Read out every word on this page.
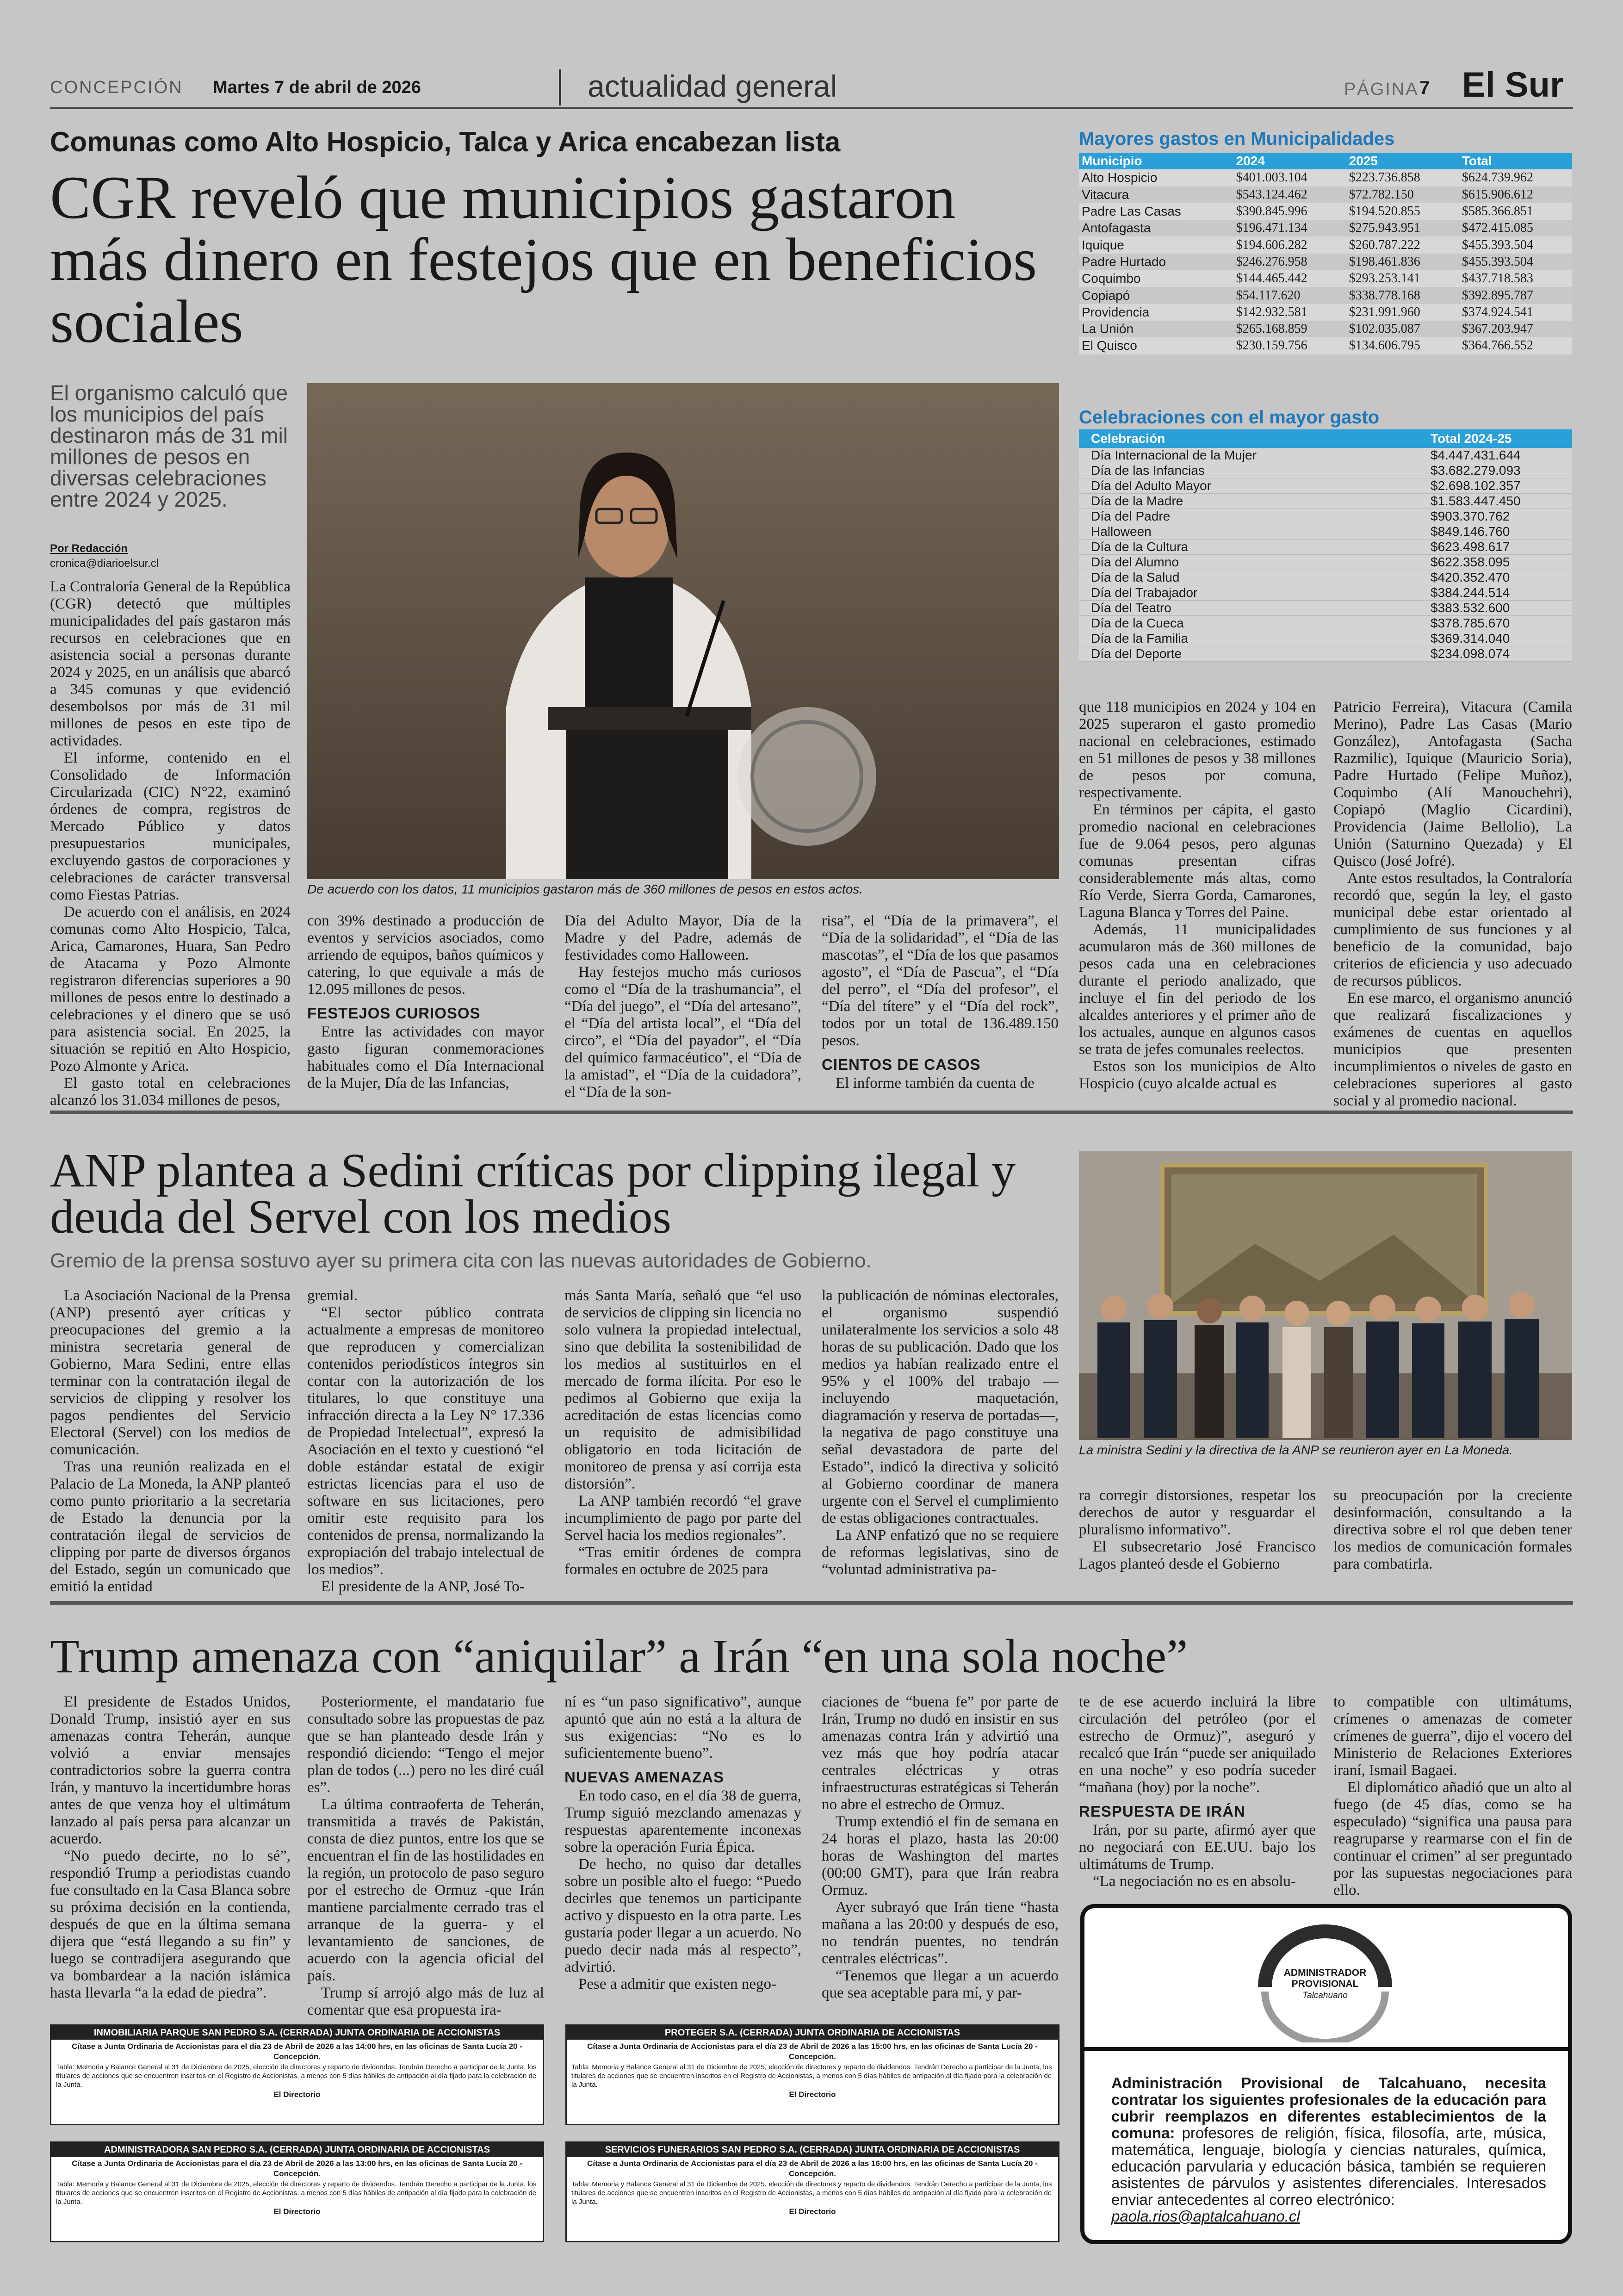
CONCEPCIÓN Martes 7 de abril de 2026	actualidad general	PÁGINA 7 El Sur
Comunas como Alto Hospicio, Talca y Arica encabezan lista
CGR reveló que municipios gastaron más dinero en festejos que en beneficios sociales
El organismo calculó que los municipios del país destinaron más de 31 mil millones de pesos en diversas celebraciones entre 2024 y 2025.
Por Redacción
cronica@diarioelsur.cl
De acuerdo con los datos, 11 municipios gastaron más de 360 millones de pesos en estos actos.

La Contraloría General de la República (CGR) detectó que múltiples municipalidades del país gastaron más recursos en celebraciones que en asistencia social a personas durante 2024 y 2025, en un análisis que abarcó a 345 comunas y que evidenció desembolsos por más de 31 mil millones de pesos en este tipo de actividades.

El informe, contenido en el Consolidado de Información Circularizada (CIC) N°22, examinó órdenes de compra, registros de Mercado Público y datos presupuestarios municipales, excluyendo gastos de corporaciones y celebraciones de carácter transversal como Fiestas Patrias.

De acuerdo con el análisis, en 2024 comunas como Alto Hospicio, Talca, Arica, Camarones, Huara, San Pedro de Atacama y Pozo Almonte registraron diferencias superiores a 90 millones de pesos entre lo destinado a celebraciones y el dinero que se usó para asistencia social. En 2025, la situación se repitió en Alto Hospicio, Pozo Almonte y Arica.

El gasto total en celebraciones alcanzó los 31.034 millones de pesos,

con 39% destinado a producción de eventos y servicios asociados, como arriendo de equipos, baños químicos y catering, lo que equivale a más de 12.095 millones de pesos.

FESTEJOS CURIOSOS

Entre las actividades con mayor gasto figuran conmemoraciones habituales como el Día Internacional de la Mujer, Día de las Infancias,

Día del Adulto Mayor, Día de la Madre y del Padre, además de festividades como Halloween.

Hay festejos mucho más curiosos como el “Día de la trashumancia”, el “Día del juego”, el “Día del artesano”, el “Día del artista local”, el “Día del circo”, el “Día del payador”, el “Día del químico farmacéutico”, el “Día de la amistad”, el “Día de la cuidadora”, el “Día de la son-

risa”, el “Día de la primavera”, el “Día de la solidaridad”, el “Día de las mascotas”, el “Día de los que pasamos agosto”, el “Día de Pascua”, el “Día del perro”, el “Día del profesor”, el “Día del títere” y el “Día del rock”, todos por un total de 136.489.150 pesos.

CIENTOS DE CASOS

El informe también da cuenta de

que 118 municipios en 2024 y 104 en 2025 superaron el gasto promedio nacional en celebraciones, estimado en 51 millones de pesos y 38 millones de pesos por comuna, respectivamente.

En términos per cápita, el gasto promedio nacional en celebraciones fue de 9.064 pesos, pero algunas comunas presentan cifras considerablemente más altas, como Río Verde, Sierra Gorda, Camarones, Laguna Blanca y Torres del Paine.

Además, 11 municipalidades acumularon más de 360 millones de pesos cada una en celebraciones durante el periodo analizado, que incluye el fin del periodo de los alcaldes anteriores y el primer año de los actuales, aunque en algunos casos se trata de jefes comunales reelectos.

Estos son los municipios de Alto Hospicio (cuyo alcalde actual es

Patricio Ferreira), Vitacura (Camila Merino), Padre Las Casas (Mario González), Antofagasta (Sacha Razmilic), Iquique (Mauricio Soria), Padre Hurtado (Felipe Muñoz), Coquimbo (Alí Manouchehri), Copiapó (Maglio Cicardini), Providencia (Jaime Bellolio), La Unión (Saturnino Quezada) y El Quisco (José Jofré).

Ante estos resultados, la Contraloría recordó que, según la ley, el gasto municipal debe estar orientado al cumplimiento de sus funciones y al beneficio de la comunidad, bajo criterios de eficiencia y uso adecuado de recursos públicos.

En ese marco, el organismo anunció que realizará fiscalizaciones y exámenes de cuentas en aquellos municipios que presenten incumplimientos o niveles de gasto en celebraciones superiores al gasto social y al promedio nacional.

Mayores gastos en Municipalidades
Municipio	2024	2025	Total
Alto Hospicio	$401.003.104	$223.736.858	$624.739.962
Vitacura	$543.124.462	$72.782.150	$615.906.612
Padre Las Casas	$390.845.996	$194.520.855	$585.366.851
Antofagasta	$196.471.134	$275.943.951	$472.415.085
Iquique	$194.606.282	$260.787.222	$455.393.504
Padre Hurtado	$246.276.958	$198.461.836	$455.393.504
Coquimbo	$144.465.442	$293.253.141	$437.718.583
Copiapó	$54.117.620	$338.778.168	$392.895.787
Providencia	$142.932.581	$231.991.960	$374.924.541
La Unión	$265.168.859	$102.035.087	$367.203.947
El Quisco	$230.159.756	$134.606.795	$364.766.552
Celebraciones con el mayor gasto
Celebración	Total 2024-25
Día Internacional de la Mujer	$4.447.431.644
Día de las Infancias	$3.682.279.093
Día del Adulto Mayor	$2.698.102.357
Día de la Madre	$1.583.447.450
Día del Padre	$903.370.762
Halloween	$849.146.760
Día de la Cultura	$623.498.617
Día del Alumno	$622.358.095
Día de la Salud	$420.352.470
Día del Trabajador	$384.244.514
Día del Teatro	$383.532.600
Día de la Cueca	$378.785.670
Día de la Familia	$369.314.040
Día del Deporte	$234.098.074
ANP plantea a Sedini críticas por clipping ilegal y deuda del Servel con los medios
Gremio de la prensa sostuvo ayer su primera cita con las nuevas autoridades de Gobierno.
La ministra Sedini y la directiva de la ANP se reunieron ayer en La Moneda.

La Asociación Nacional de la Prensa (ANP) presentó ayer críticas y preocupaciones del gremio a la ministra secretaria general de Gobierno, Mara Sedini, entre ellas terminar con la contratación ilegal de servicios de clipping y resolver los pagos pendientes del Servicio Electoral (Servel) con los medios de comunicación.

Tras una reunión realizada en el Palacio de La Moneda, la ANP planteó como punto prioritario a la secretaria de Estado la denuncia por la contratación ilegal de servicios de clipping por parte de diversos órganos del Estado, según un comunicado que emitió la entidad

gremial.

“El sector público contrata actualmente a empresas de monitoreo que reproducen y comercializan contenidos periodísticos íntegros sin contar con la autorización de los titulares, lo que constituye una infracción directa a la Ley N° 17.336 de Propiedad Intelectual”, expresó la Asociación en el texto y cuestionó “el doble estándar estatal de exigir estrictas licencias para el uso de software en sus licitaciones, pero omitir este requisito para los contenidos de prensa, normalizando la expropiación del trabajo intelectual de los medios”.

El presidente de la ANP, José To-

más Santa María, señaló que “el uso de servicios de clipping sin licencia no solo vulnera la propiedad intelectual, sino que debilita la sostenibilidad de los medios al sustituirlos en el mercado de forma ilícita. Por eso le pedimos al Gobierno que exija la acreditación de estas licencias como un requisito de admisibilidad obligatorio en toda licitación de monitoreo de prensa y así corrija esta distorsión”.

La ANP también recordó “el grave incumplimiento de pago por parte del Servel hacia los medios regionales”.

“Tras emitir órdenes de compra formales en octubre de 2025 para

la publicación de nóminas electorales, el organismo suspendió unilateralmente los servicios a solo 48 horas de su publicación. Dado que los medios ya habían realizado entre el 95% y el 100% del trabajo —incluyendo maquetación, diagramación y reserva de portadas—, la negativa de pago constituye una señal devastadora de parte del Estado”, indicó la directiva y solicitó al Gobierno coordinar de manera urgente con el Servel el cumplimiento de estas obligaciones contractuales.

La ANP enfatizó que no se requiere de reformas legislativas, sino de “voluntad administrativa pa-

ra corregir distorsiones, respetar los derechos de autor y resguardar el pluralismo informativo”.

El subsecretario José Francisco Lagos planteó desde el Gobierno

su preocupación por la creciente desinformación, consultando a la directiva sobre el rol que deben tener los medios de comunicación formales para combatirla.

Trump amenaza con “aniquilar” a Irán “en una sola noche”

El presidente de Estados Unidos, Donald Trump, insistió ayer en sus amenazas contra Teherán, aunque volvió a enviar mensajes contradictorios sobre la guerra contra Irán, y mantuvo la incertidumbre horas antes de que venza hoy el ultimátum lanzado al país persa para alcanzar un acuerdo.

“No puedo decirte, no lo sé”, respondió Trump a periodistas cuando fue consultado en la Casa Blanca sobre su próxima decisión en la contienda, después de que en la última semana dijera que “está llegando a su fin” y luego se contradijera asegurando que va bombardear a la nación islámica hasta llevarla “a la edad de piedra”.

Posteriormente, el mandatario fue consultado sobre las propuestas de paz que se han planteado desde Irán y respondió diciendo: “Tengo el mejor plan de todos (...) pero no les diré cuál es”.

La última contraoferta de Teherán, transmitida a través de Pakistán, consta de diez puntos, entre los que se encuentran el fin de las hostilidades en la región, un protocolo de paso seguro por el estrecho de Ormuz -que Irán mantiene parcialmente cerrado tras el arranque de la guerra- y el levantamiento de sanciones, de acuerdo con la agencia oficial del país.

Trump sí arrojó algo más de luz al comentar que esa propuesta ira-

ní es “un paso significativo”, aunque apuntó que aún no está a la altura de sus exigencias: “No es lo suficientemente bueno”.

NUEVAS AMENAZAS

En todo caso, en el día 38 de guerra, Trump siguió mezclando amenazas y respuestas aparentemente inconexas sobre la operación Furia Épica.

De hecho, no quiso dar detalles sobre un posible alto el fuego: “Puedo decirles que tenemos un participante activo y dispuesto en la otra parte. Les gustaría poder llegar a un acuerdo. No puedo decir nada más al respecto”, advirtió.

Pese a admitir que existen nego-

ciaciones de “buena fe” por parte de Irán, Trump no dudó en insistir en sus amenazas contra Irán y advirtió una vez más que hoy podría atacar centrales eléctricas y otras infraestructuras estratégicas si Teherán no abre el estrecho de Ormuz.

Trump extendió el fin de semana en 24 horas el plazo, hasta las 20:00 horas de Washington del martes (00:00 GMT), para que Irán reabra Ormuz.

Ayer subrayó que Irán tiene “hasta mañana a las 20:00 y después de eso, no tendrán puentes, no tendrán centrales eléctricas”.

“Tenemos que llegar a un acuerdo que sea aceptable para mí, y par-

te de ese acuerdo incluirá la libre circulación del petróleo (por el estrecho de Ormuz)”, aseguró y recalcó que Irán “puede ser aniquilado en una noche” y eso podría suceder “mañana (hoy) por la noche”.

RESPUESTA DE IRÁN

Irán, por su parte, afirmó ayer que no negociará con EE.UU. bajo los ultimátums de Trump.

“La negociación no es en absolu-

to compatible con ultimátums, crímenes o amenazas de cometer crímenes de guerra”, dijo el vocero del Ministerio de Relaciones Exteriores iraní, Ismail Bagaei.

El diplomático añadió que un alto al fuego (de 45 días, como se ha especulado) “significa una pausa para reagruparse y rearmarse con el fin de continuar el crimen” al ser preguntado por las supuestas negociaciones para ello.

INMOBILIARIA PARQUE SAN PEDRO S.A. (CERRADA) JUNTA ORDINARIA DE ACCIONISTAS
Cítase a Junta Ordinaria de Accionistas para el día 23 de Abril de 2026 a las 14:00 hrs, en las oficinas de Santa Lucía 20 - Concepción.
Tabla: Memoria y Balance General al 31 de Diciembre de 2025, elección de directores y reparto de dividendos. Tendrán Derecho a participar de la Junta, los titulares de acciones que se encuentren inscritos en el Registro de Accionistas, a menos con 5 días hábiles de antipación al día fijado para la celebración de la Junta.
El Directorio
PROTEGER S.A. (CERRADA) JUNTA ORDINARIA DE ACCIONISTAS
Cítase a Junta Ordinaria de Accionistas para el día 23 de Abril de 2026 a las 15:00 hrs, en las oficinas de Santa Lucía 20 - Concepción.
Tabla: Memoria y Balance General al 31 de Diciembre de 2025, elección de directores y reparto de dividendos. Tendrán Derecho a participar de la Junta, los titulares de acciones que se encuentren inscritos en el Registro de Accionistas, a menos con 5 días hábiles de antipación al día fijado para la celebración de la Junta.
El Directorio
ADMINISTRADORA SAN PEDRO S.A. (CERRADA) JUNTA ORDINARIA DE ACCIONISTAS
Cítase a Junta Ordinaria de Accionistas para el día 23 de Abril de 2026 a las 13:00 hrs, en las oficinas de Santa Lucía 20 - Concepción.
Tabla: Memoria y Balance General al 31 de Diciembre de 2025, elección de directores y reparto de dividendos. Tendrán Derecho a participar de la Junta, los titulares de acciones que se encuentren inscritos en el Registro de Accionistas, a menos con 5 días hábiles de antipación al día fijado para la celebración de la Junta.
El Directorio
SERVICIOS FUNERARIOS SAN PEDRO S.A. (CERRADA) JUNTA ORDINARIA DE ACCIONISTAS
Cítase a Junta Ordinaria de Accionistas para el día 23 de Abril de 2026 a las 16:00 hrs, en las oficinas de Santa Lucía 20 - Concepción.
Tabla: Memoria y Balance General al 31 de Diciembre de 2025, elección de directores y reparto de dividendos. Tendrán Derecho a participar de la Junta, los titulares de acciones que se encuentren inscritos en el Registro de Accionistas, a menos con 5 días hábiles de antipación al día fijado para la celebración de la Junta.
El Directorio
ADMINISTRADOR
PROVISIONAL
Talcahuano
Administración Provisional de Talcahuano, necesita contratar los siguientes profesionales de la educación para cubrir reemplazos en diferentes establecimientos de la comuna: profesores de religión, física, filosofía, arte, música, matemática, lenguaje, biología y ciencias naturales, química, educación parvularia y educación básica, también se requieren asistentes de párvulos y asistentes diferenciales. Interesados enviar antecedentes al correo electrónico:
paola.rios@aptalcahuano.cl
